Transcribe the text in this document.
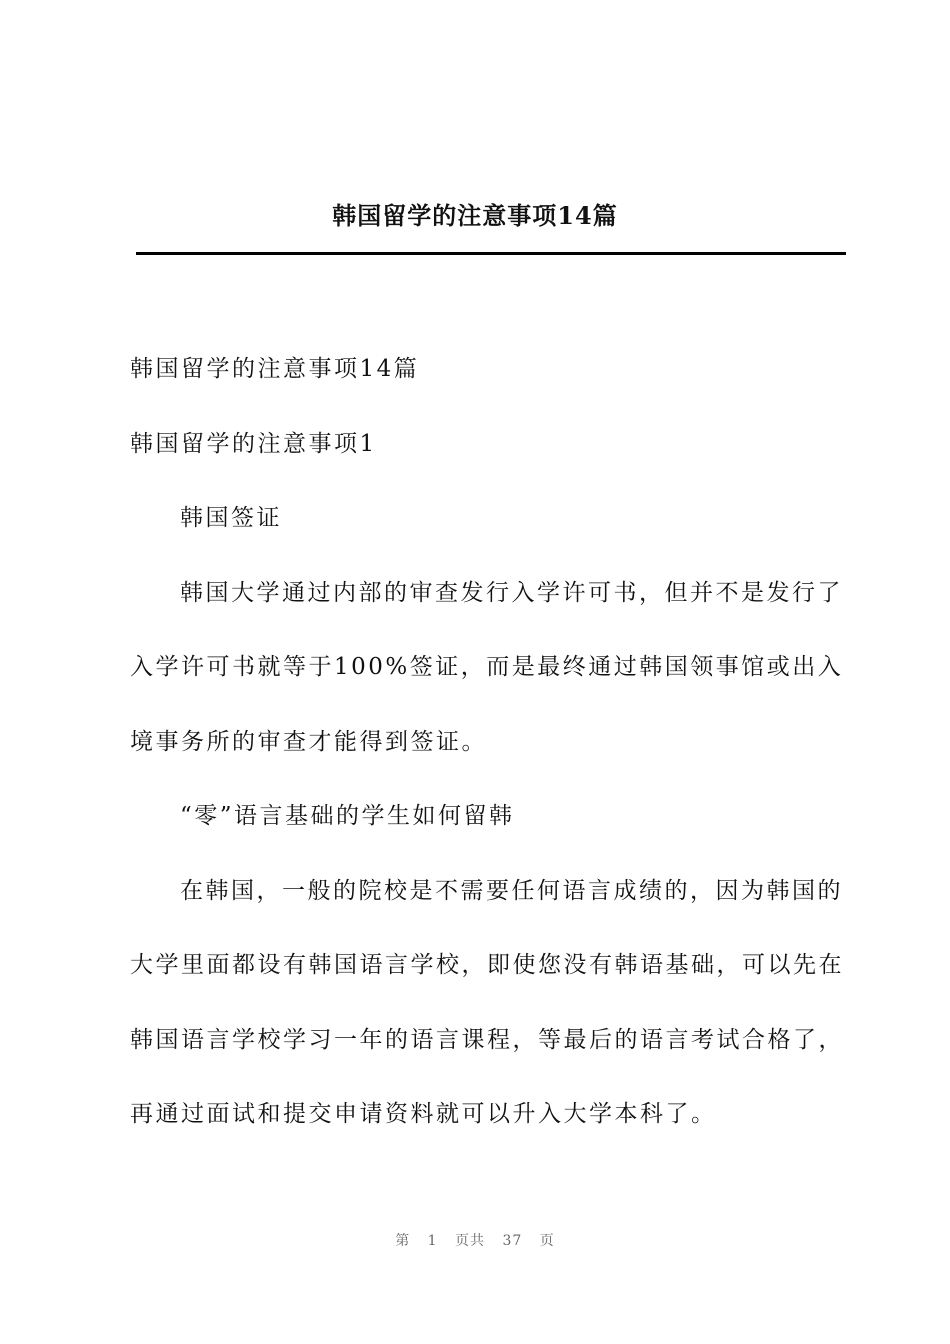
韩国留学的注意事项14篇

韩国留学的注意事项14篇

韩国留学的注意事项1

韩国签证

韩国大学通过内部的审查发行入学许可书，但并不是发行了

入学许可书就等于100%签证，而是最终通过韩国领事馆或出入

境事务所的审查才能得到签证。

“零”语言基础的学生如何留韩

在韩国，一般的院校是不需要任何语言成绩的，因为韩国的

大学里面都设有韩国语言学校，即使您没有韩语基础，可以先在

韩国语言学校学习一年的语言课程，等最后的语言考试合格了，

再通过面试和提交申请资料就可以升入大学本科了。

第 1 页共 37 页
